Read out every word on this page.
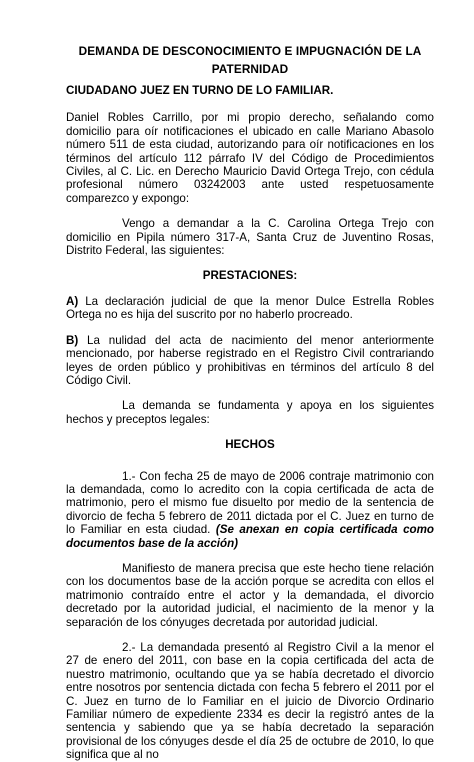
DEMANDA DE DESCONOCIMIENTO E IMPUGNACIÓN DE LA
PATERNIDAD

CIUDADANO JUEZ EN TURNO DE LO FAMILIAR.

Daniel Robles Carrillo, por mi propio derecho, señalando como domicilio para oír notificaciones el ubicado en calle Mariano Abasolo número 511 de esta ciudad, autorizando para oír notificaciones en los términos del artículo 112 párrafo IV del Código de Procedimientos Civiles, al C. Lic. en Derecho Mauricio David Ortega Trejo, con cédula profesional número 03242003 ante usted respetuosamente comparezco y expongo:

Vengo a demandar a la C. Carolina Ortega Trejo con domicilio en Pipila número 317-A, Santa Cruz de Juventino Rosas, Distrito Federal, las siguientes:

PRESTACIONES:

A) La declaración judicial de que la menor Dulce Estrella Robles Ortega no es hija del suscrito por no haberlo procreado.

B) La nulidad del acta de nacimiento del menor anteriormente mencionado, por haberse registrado en el Registro Civil contrariando leyes de orden público y prohibitivas en términos del artículo 8 del Código Civil.

La demanda se fundamenta y apoya en los siguientes hechos y preceptos legales:

HECHOS

1.- Con fecha 25 de mayo de 2006 contraje matrimonio con la demandada, como lo acredito con la copia certificada de acta de matrimonio, pero el mismo fue disuelto por medio de la sentencia de divorcio de fecha 5 febrero de 2011 dictada por el C. Juez en turno de lo Familiar en esta ciudad. (Se anexan en copia certificada como documentos base de la acción)

Manifiesto de manera precisa que este hecho tiene relación con los documentos base de la acción porque se acredita con ellos el matrimonio contraído entre el actor y la demandada, el divorcio decretado por la autoridad judicial, el nacimiento de la menor y la separación de los cónyuges decretada por autoridad judicial.

2.- La demandada presentó al Registro Civil a la menor el 27 de enero del 2011, con base en la copia certificada del acta de nuestro matrimonio, ocultando que ya se había decretado el divorcio entre nosotros por sentencia dictada con fecha 5 febrero el 2011 por el C. Juez en turno de lo Familiar en el juicio de Divorcio Ordinario Familiar número de expediente 2334 es decir la registró antes de la sentencia y sabiendo que ya se había decretado la separación provisional de los cónyuges desde el día 25 de octubre de 2010, lo que significa que al no
